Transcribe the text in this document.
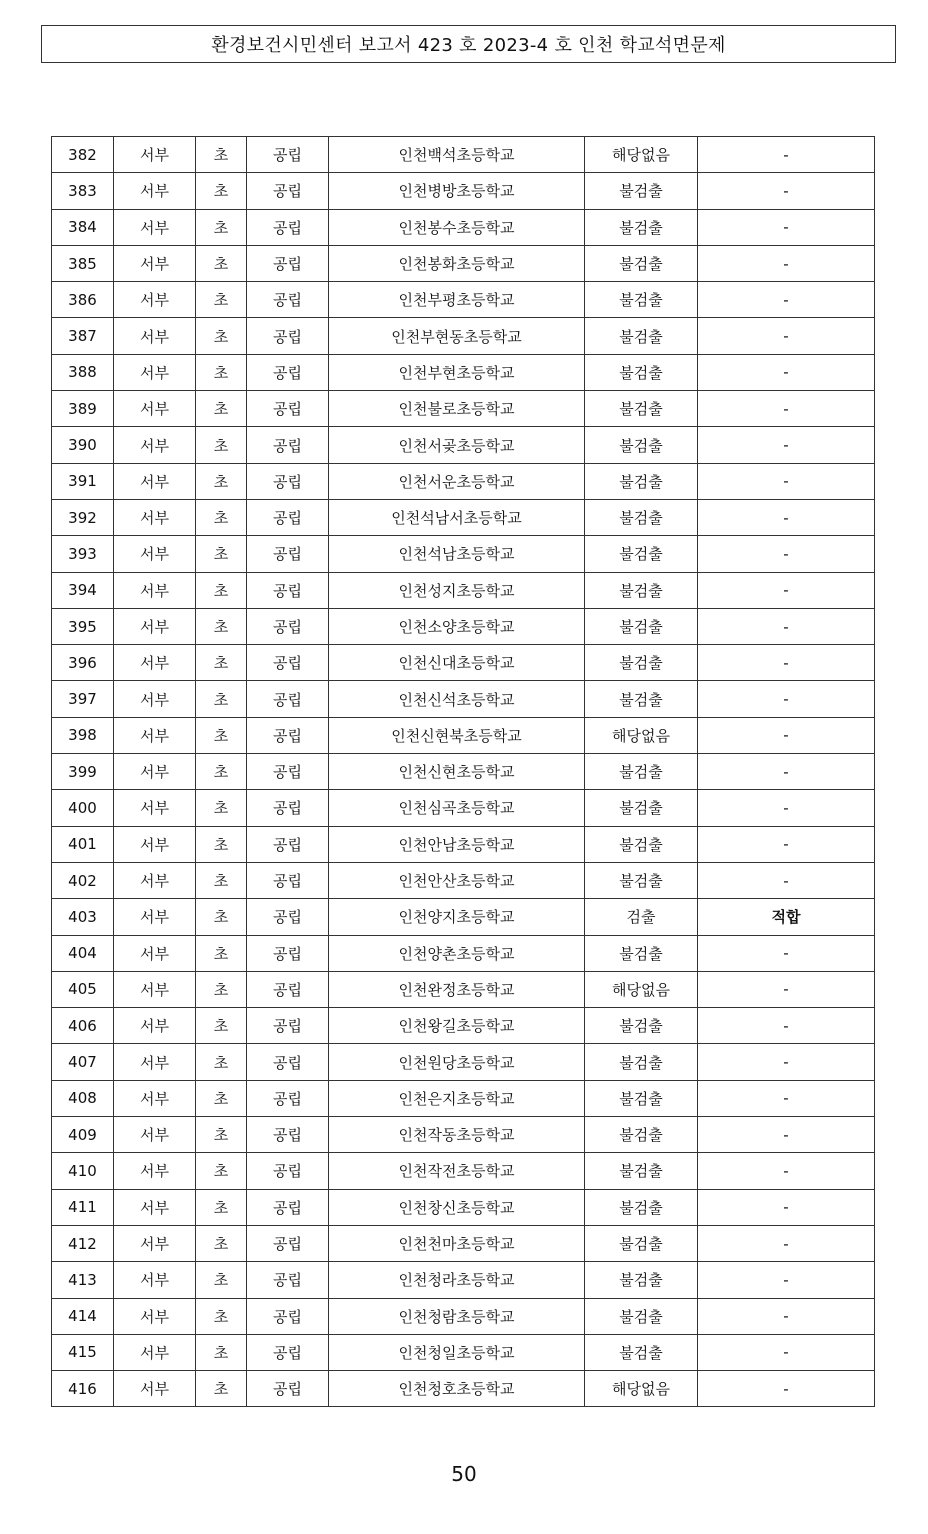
환경보건시민센터 보고서 423 호 2023-4 호 인천 학교석면문제
382	서부	초	공립	인천백석초등학교	해당없음	-
383	서부	초	공립	인천병방초등학교	불검출	-
384	서부	초	공립	인천봉수초등학교	불검출	-
385	서부	초	공립	인천봉화초등학교	불검출	-
386	서부	초	공립	인천부평초등학교	불검출	-
387	서부	초	공립	인천부현동초등학교	불검출	-
388	서부	초	공립	인천부현초등학교	불검출	-
389	서부	초	공립	인천불로초등학교	불검출	-
390	서부	초	공립	인천서곶초등학교	불검출	-
391	서부	초	공립	인천서운초등학교	불검출	-
392	서부	초	공립	인천석남서초등학교	불검출	-
393	서부	초	공립	인천석남초등학교	불검출	-
394	서부	초	공립	인천성지초등학교	불검출	-
395	서부	초	공립	인천소양초등학교	불검출	-
396	서부	초	공립	인천신대초등학교	불검출	-
397	서부	초	공립	인천신석초등학교	불검출	-
398	서부	초	공립	인천신현북초등학교	해당없음	-
399	서부	초	공립	인천신현초등학교	불검출	-
400	서부	초	공립	인천심곡초등학교	불검출	-
401	서부	초	공립	인천안남초등학교	불검출	-
402	서부	초	공립	인천안산초등학교	불검출	-
403	서부	초	공립	인천양지초등학교	검출	적합
404	서부	초	공립	인천양촌초등학교	불검출	-
405	서부	초	공립	인천완정초등학교	해당없음	-
406	서부	초	공립	인천왕길초등학교	불검출	-
407	서부	초	공립	인천원당초등학교	불검출	-
408	서부	초	공립	인천은지초등학교	불검출	-
409	서부	초	공립	인천작동초등학교	불검출	-
410	서부	초	공립	인천작전초등학교	불검출	-
411	서부	초	공립	인천창신초등학교	불검출	-
412	서부	초	공립	인천천마초등학교	불검출	-
413	서부	초	공립	인천청라초등학교	불검출	-
414	서부	초	공립	인천청람초등학교	불검출	-
415	서부	초	공립	인천청일초등학교	불검출	-
416	서부	초	공립	인천청호초등학교	해당없음	-
50
